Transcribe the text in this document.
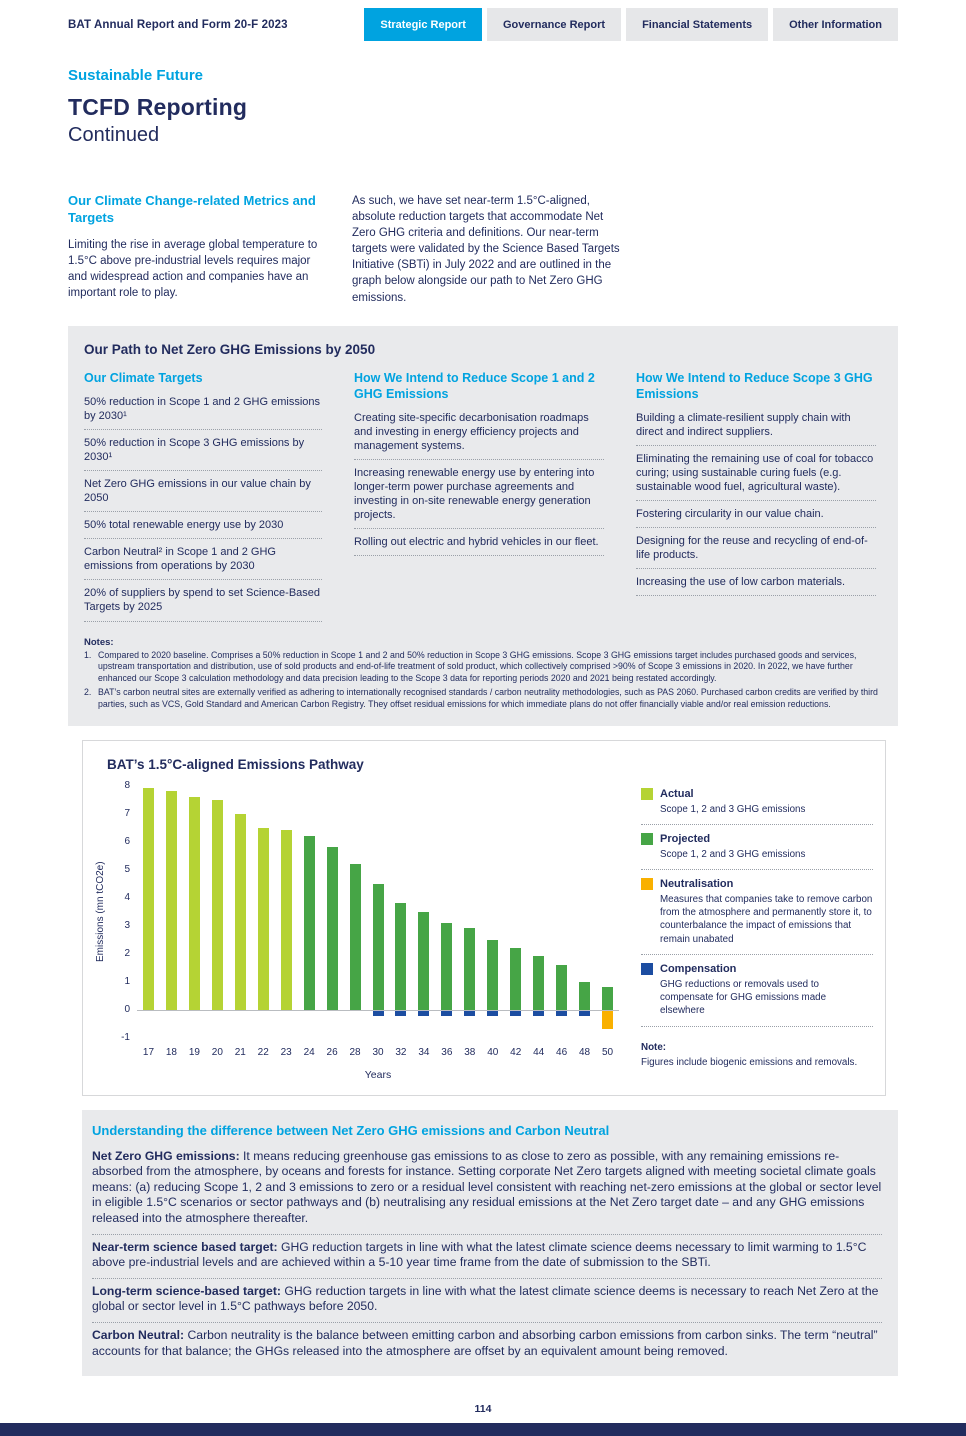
BAT Annual Report and Form 20-F 2023	Strategic Report	Governance Report	Financial Statements	Other Information
Sustainable Future
TCFD Reporting
Continued
Our Climate Change-related Metrics and Targets

Limiting the rise in average global temperature to 1.5°C above pre-industrial levels requires major and widespread action and companies have an important role to play.

As such, we have set near-term 1.5°C-aligned, absolute reduction targets that accommodate Net Zero GHG criteria and definitions. Our near-term targets were validated by the Science Based Targets Initiative (SBTi) in July 2022 and are outlined in the graph below alongside our path to Net Zero GHG emissions.

Our Path to Net Zero GHG Emissions by 2050
Our Climate Targets
50% reduction in Scope 1 and 2 GHG emissions by 2030¹
50% reduction in Scope 3 GHG emissions by 2030¹
Net Zero GHG emissions in our value chain by 2050
50% total renewable energy use by 2030
Carbon Neutral² in Scope 1 and 2 GHG emissions from operations by 2030
20% of suppliers by spend to set Science-Based Targets by 2025
How We Intend to Reduce Scope 1 and 2 GHG Emissions
Creating site-specific decarbonisation roadmaps and investing in energy efficiency projects and management systems.
Increasing renewable energy use by entering into longer-term power purchase agreements and investing in on-site renewable energy generation projects.
Rolling out electric and hybrid vehicles in our fleet.
How We Intend to Reduce Scope 3 GHG Emissions
Building a climate-resilient supply chain with direct and indirect suppliers.
Eliminating the remaining use of coal for tobacco curing; using sustainable curing fuels (e.g. sustainable wood fuel, agricultural waste).
Fostering circularity in our value chain.
Designing for the reuse and recycling of end-of-life products.
Increasing the use of low carbon materials.
Notes:
1. Compared to 2020 baseline. Comprises a 50% reduction in Scope 1 and 2 and 50% reduction in Scope 3 GHG emissions. Scope 3 GHG emissions target includes purchased goods and services, upstream transportation and distribution, use of sold products and end-of-life treatment of sold product, which collectively comprised >90% of Scope 3 emissions in 2020. In 2022, we have further enhanced our Scope 3 calculation methodology and data precision leading to the Scope 3 data for reporting periods 2020 and 2021 being restated accordingly.
2. BAT’s carbon neutral sites are externally verified as adhering to internationally recognised standards / carbon neutrality methodologies, such as PAS 2060. Purchased carbon credits are verified by third parties, such as VCS, Gold Standard and American Carbon Registry. They offset residual emissions for which immediate plans do not offer financially viable and/or real emission reductions.
BAT’s 1.5°C-aligned Emissions Pathway
Emissions (mn tCO2e)
8
7
6
5
4
3
2
1
0
-1
17	18	19	20	21	22	23	24	26	28	30	32	34	36	38	40	42	44	46	48	50
Years
Actual
Scope 1, 2 and 3 GHG emissions
Projected
Scope 1, 2 and 3 GHG emissions
Neutralisation
Measures that companies take to remove carbon from the atmosphere and permanently store it, to counterbalance the impact of emissions that remain unabated
Compensation
GHG reductions or removals used to compensate for GHG emissions made elsewhere
Note:
Figures include biogenic emissions and removals.
Understanding the difference between Net Zero GHG emissions and Carbon Neutral
Net Zero GHG emissions: It means reducing greenhouse gas emissions to as close to zero as possible, with any remaining emissions re-absorbed from the atmosphere, by oceans and forests for instance. Setting corporate Net Zero targets aligned with meeting societal climate goals means: (a) reducing Scope 1, 2 and 3 emissions to zero or a residual level consistent with reaching net-zero emissions at the global or sector level in eligible 1.5°C scenarios or sector pathways and (b) neutralising any residual emissions at the Net Zero target date – and any GHG emissions released into the atmosphere thereafter.
Near-term science based target: GHG reduction targets in line with what the latest climate science deems necessary to limit warming to 1.5°C above pre-industrial levels and are achieved within a 5-10 year time frame from the date of submission to the SBTi.
Long-term science-based target: GHG reduction targets in line with what the latest climate science deems is necessary to reach Net Zero at the global or sector level in 1.5°C pathways before 2050.
Carbon Neutral: Carbon neutrality is the balance between emitting carbon and absorbing carbon emissions from carbon sinks. The term “neutral” accounts for that balance; the GHGs released into the atmosphere are offset by an equivalent amount being removed.
114
